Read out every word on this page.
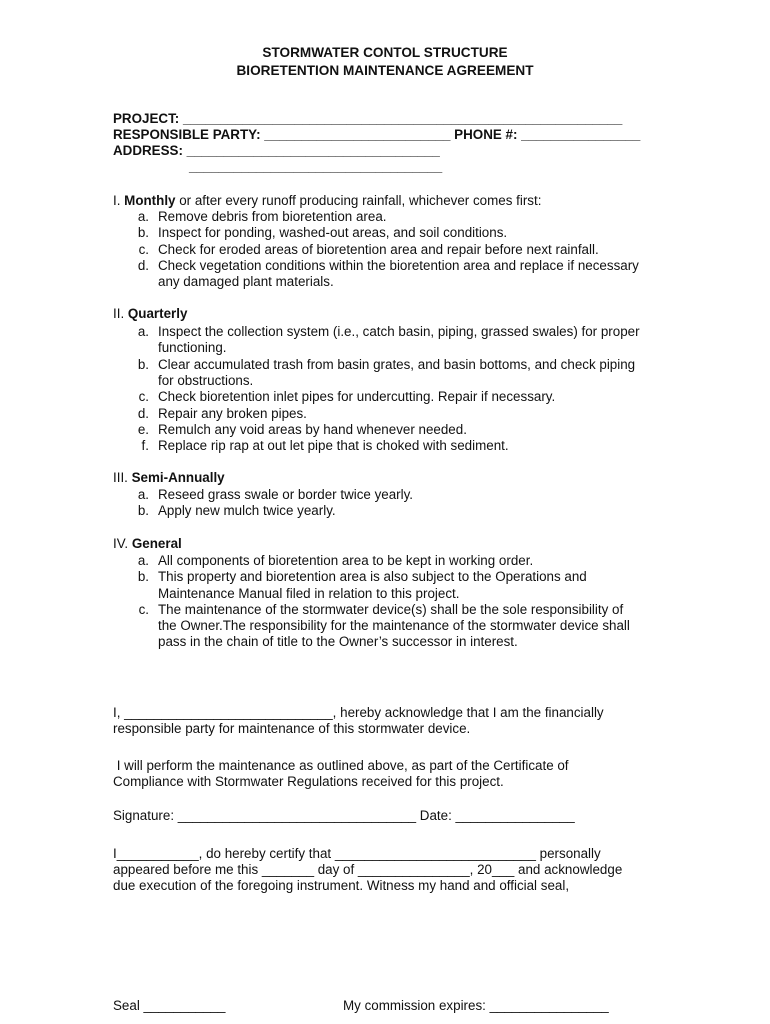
STORMWATER CONTOL STRUCTURE
BIORETENTION MAINTENANCE AGREEMENT
PROJECT: ___________________________________________________________
RESPONSIBLE PARTY: _________________________ PHONE #: ________________
ADDRESS: __________________________________
__________________________________
I. Monthly or after every runoff producing rainfall, whichever comes first:
a. Remove debris from bioretention area.
b. Inspect for ponding, washed-out areas, and soil conditions.
c. Check for eroded areas of bioretention area and repair before next rainfall.
d. Check vegetation conditions within the bioretention area and replace if necessary
any damaged plant materials.
II. Quarterly
a. Inspect the collection system (i.e., catch basin, piping, grassed swales) for proper
functioning.
b. Clear accumulated trash from basin grates, and basin bottoms, and check piping
for obstructions.
c. Check bioretention inlet pipes for undercutting. Repair if necessary.
d. Repair any broken pipes.
e. Remulch any void areas by hand whenever needed.
f. Replace rip rap at out let pipe that is choked with sediment.
III. Semi-Annually
a. Reseed grass swale or border twice yearly.
b. Apply new mulch twice yearly.
IV. General
a. All components of bioretention area to be kept in working order.
b. This property and bioretention area is also subject to the Operations and
Maintenance Manual filed in relation to this project.
c. The maintenance of the stormwater device(s) shall be the sole responsibility of
the Owner.The responsibility for the maintenance of the stormwater device shall
pass in the chain of title to the Owner’s successor in interest.
I, ____________________________, hereby acknowledge that I am the financially
responsible party for maintenance of this stormwater device.
I will perform the maintenance as outlined above, as part of the Certificate of
Compliance with Stormwater Regulations received for this project.
Signature: ________________________________ Date: ________________
I___________, do hereby certify that ___________________________ personally
appeared before me this _______ day of _______________, 20___ and acknowledge
due execution of the foregoing instrument. Witness my hand and official seal,
Seal ___________	My commission expires: ________________
